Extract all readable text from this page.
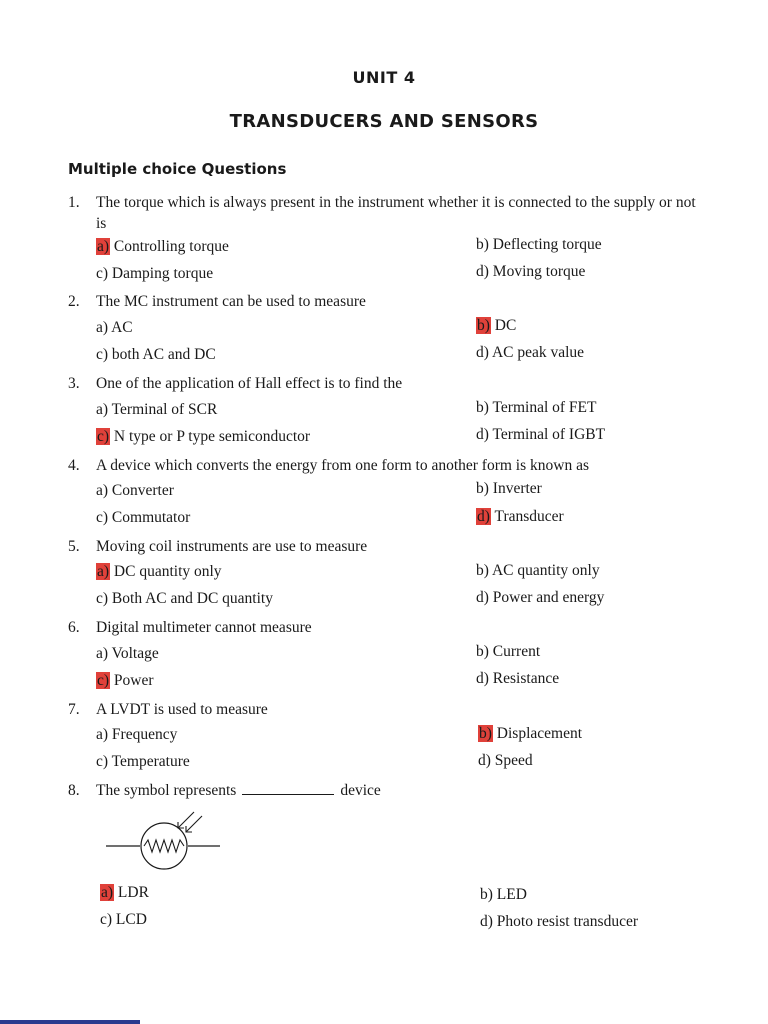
UNIT 4
TRANSDUCERS AND SENSORS
Multiple choice Questions
1. The torque which is always present in the instrument whether it is connected to the supply or not is
a) Controlling torque	b) Deflecting torque
c) Damping torque	d) Moving torque
2. The MC instrument can be used to measure
a) AC	b) DC
c) both AC and DC	d) AC peak value
3. One of the application of Hall effect is to find the
a) Terminal of SCR	b) Terminal of FET
c) N type or P type semiconductor	d) Terminal of IGBT
4. A device which converts the energy from one form to another form is known as
a) Converter	b) Inverter
c) Commutator	d) Transducer
5. Moving coil instruments are use to measure
a) DC quantity only	b) AC quantity only
c) Both AC and DC quantity	d) Power and energy
6. Digital multimeter cannot measure
a) Voltage	b) Current
c) Power	d) Resistance
7. A LVDT is used to measure
a) Frequency	b) Displacement
c) Temperature	d) Speed
8. The symbol represents	device
a) LDR	b) LED
c) LCD	d) Photo resist transducer
